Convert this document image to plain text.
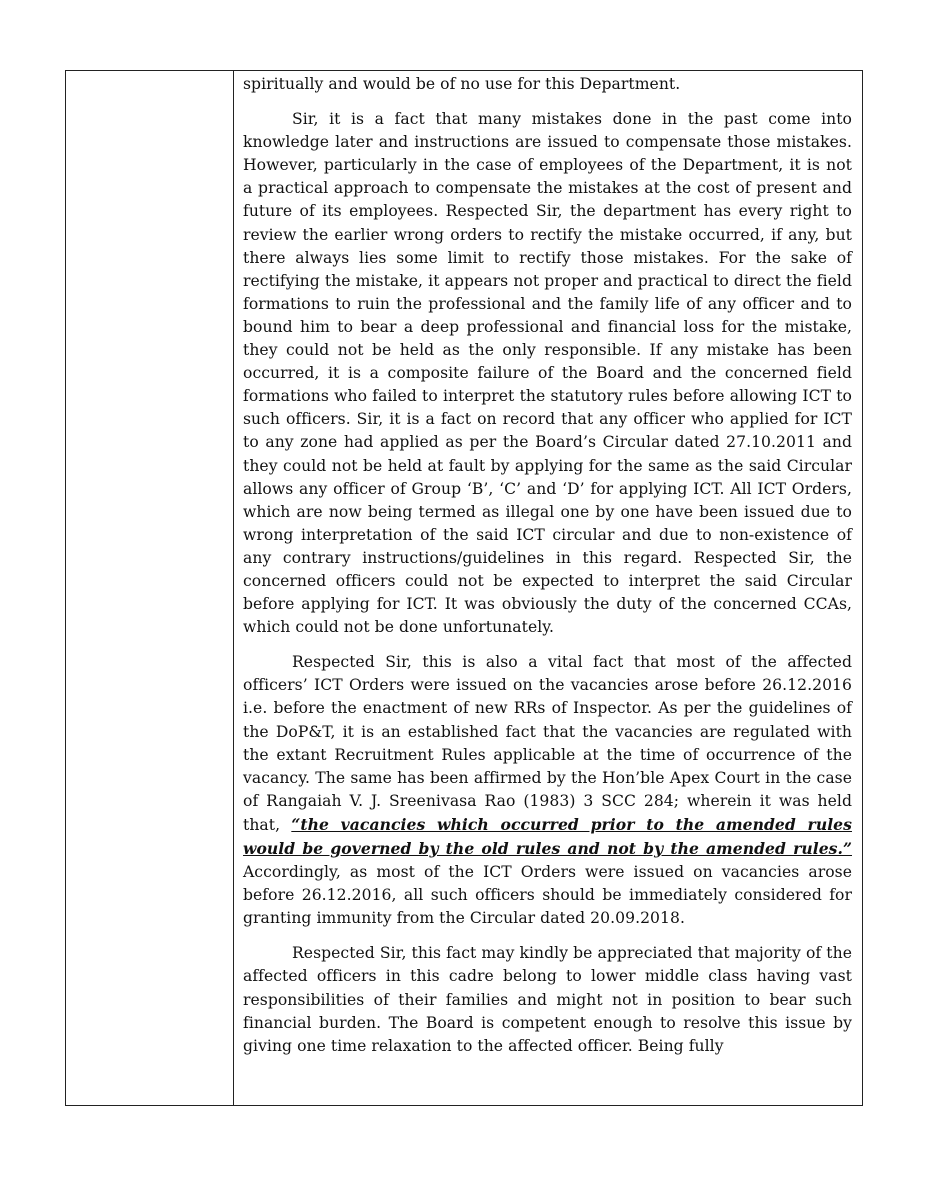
spiritually and would be of no use for this Department.

Sir, it is a fact that many mistakes done in the past come into knowledge later and instructions are issued to compensate those mistakes. However, particularly in the case of employees of the Department, it is not a practical approach to compensate the mistakes at the cost of present and future of its employees. Respected Sir, the department has every right to review the earlier wrong orders to rectify the mistake occurred, if any, but there always lies some limit to rectify those mistakes. For the sake of rectifying the mistake, it appears not proper and practical to direct the field formations to ruin the professional and the family life of any officer and to bound him to bear a deep professional and financial loss for the mistake, they could not be held as the only responsible. If any mistake has been occurred, it is a composite failure of the Board and the concerned field formations who failed to interpret the statutory rules before allowing ICT to such officers. Sir, it is a fact on record that any officer who applied for ICT to any zone had applied as per the Board’s Circular dated 27.10.2011 and they could not be held at fault by applying for the same as the said Circular allows any officer of Group ‘B’, ‘C’ and ‘D’ for applying ICT. All ICT Orders, which are now being termed as illegal one by one have been issued due to wrong interpretation of the said ICT circular and due to non-existence of any contrary instructions/guidelines in this regard. Respected Sir, the concerned officers could not be expected to interpret the said Circular before applying for ICT. It was obviously the duty of the concerned CCAs, which could not be done unfortunately.

Respected Sir, this is also a vital fact that most of the affected officers’ ICT Orders were issued on the vacancies arose before 26.12.2016 i.e. before the enactment of new RRs of Inspector. As per the guidelines of the DoP&T, it is an established fact that the vacancies are regulated with the extant Recruitment Rules applicable at the time of occurrence of the vacancy. The same has been affirmed by the Hon’ble Apex Court in the case of Rangaiah V. J. Sreenivasa Rao (1983) 3 SCC 284; wherein it was held that, “the vacancies which occurred prior to the amended rules would be governed by the old rules and not by the amended rules.” Accordingly, as most of the ICT Orders were issued on vacancies arose before 26.12.2016, all such officers should be immediately considered for granting immunity from the Circular dated 20.09.2018.

Respected Sir, this fact may kindly be appreciated that majority of the affected officers in this cadre belong to lower middle class having vast responsibilities of their families and might not in position to bear such financial burden. The Board is competent enough to resolve this issue by giving one time relaxation to the affected officer. Being fully
